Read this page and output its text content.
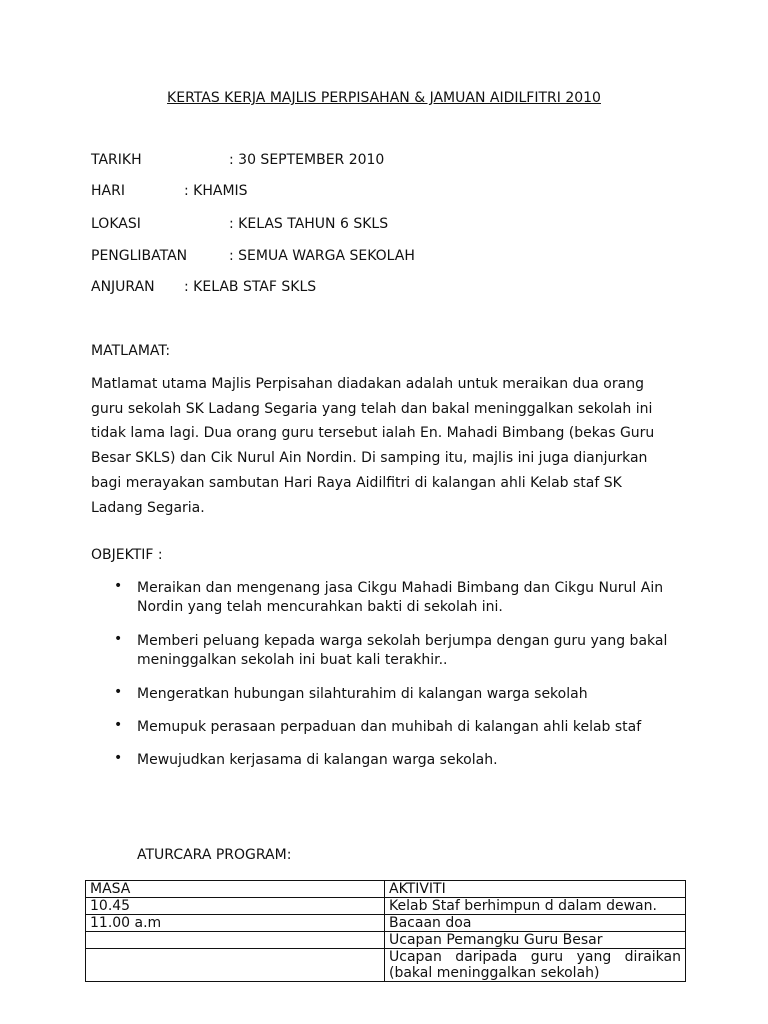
KERTAS KERJA MAJLIS PERPISAHAN & JAMUAN AIDILFITRI 2010
TARIKH	: 30 SEPTEMBER 2010
HARI	: KHAMIS
LOKASI	: KELAS TAHUN 6 SKLS
PENGLIBATAN	: SEMUA WARGA SEKOLAH
ANJURAN : KELAB STAF SKLS
MATLAMAT:
Matlamat utama Majlis Perpisahan diadakan adalah untuk meraikan dua orang
guru sekolah SK Ladang Segaria yang telah dan bakal meninggalkan sekolah ini
tidak lama lagi. Dua orang guru tersebut ialah En. Mahadi Bimbang (bekas Guru
Besar SKLS) dan Cik Nurul Ain Nordin. Di samping itu, majlis ini juga dianjurkan
bagi merayakan sambutan Hari Raya Aidilfitri di kalangan ahli Kelab staf SK
Ladang Segaria.
OBJEKTIF :
• Meraikan dan mengenang jasa Cikgu Mahadi Bimbang dan Cikgu Nurul Ain
Nordin yang telah mencurahkan bakti di sekolah ini.
• Memberi peluang kepada warga sekolah berjumpa dengan guru yang bakal
meninggalkan sekolah ini buat kali terakhir..
• Mengeratkan hubungan silahturahim di kalangan warga sekolah
• Memupuk perasaan perpaduan dan muhibah di kalangan ahli kelab staf
• Mewujudkan kerjasama di kalangan warga sekolah.
ATURCARA PROGRAM:
MASA	AKTIVITI
10.45	Kelab Staf berhimpun d dalam dewan.
11.00 a.m	Bacaan doa
	Ucapan Pemangku Guru Besar

	Ucapan daripada guru yang diraikan
(bakal meninggalkan sekolah)
